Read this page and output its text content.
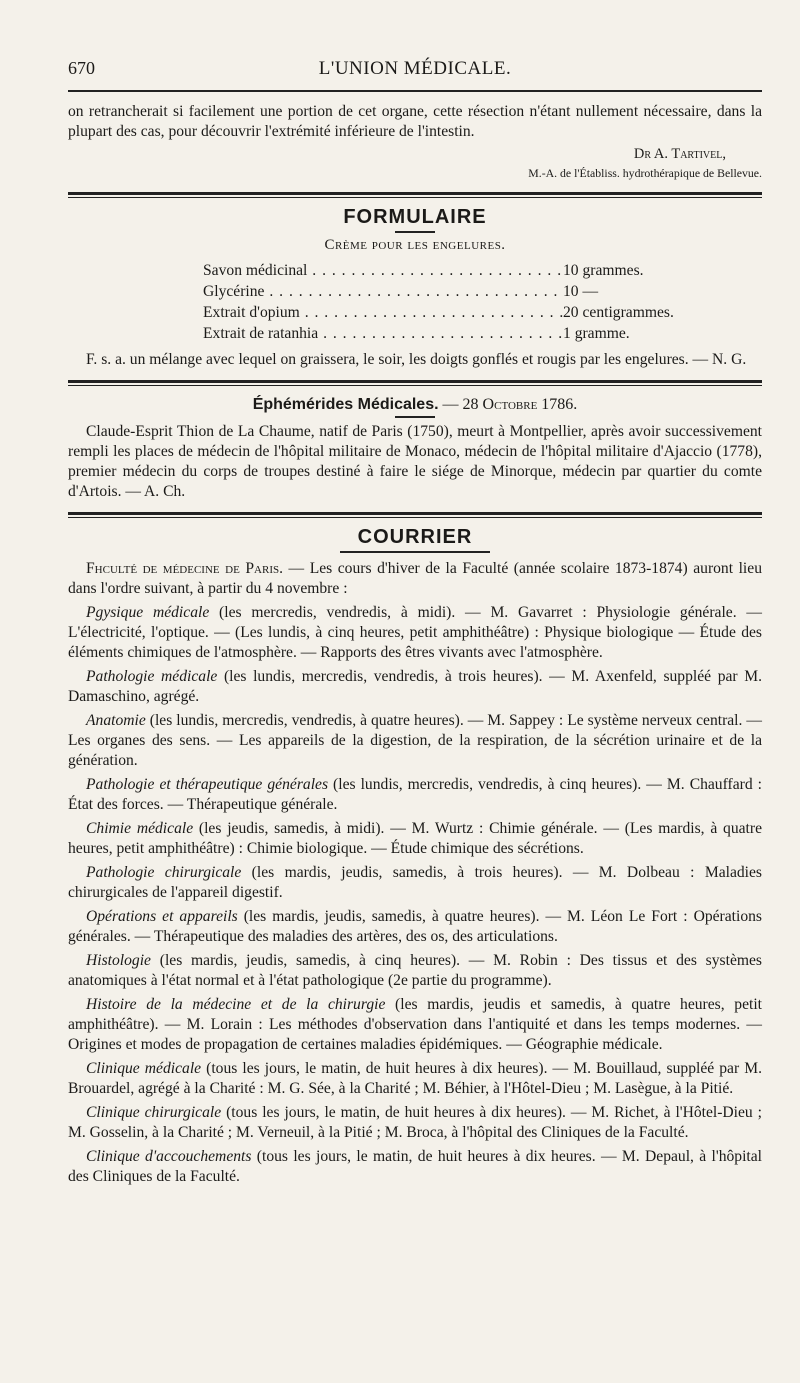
670	L'UNION MÉDICALE.

on retrancherait si facilement une portion de cet organe, cette résection n'étant nullement nécessaire, dans la plupart des cas, pour découvrir l'extrémité inférieure de l'intestin.

Dr A. Tartivel,
M.-A. de l'Établiss. hydrothérapique de Bellevue.
FORMULAIRE
Crème pour les engelures.
Savon médicinal . . .	10 grammes.
Glycérine . . .	10 —
Extrait d'opium . . .	20 centigrammes.
Extrait de ratanhia . . .	1 gramme.

F. s. a. un mélange avec lequel on graissera, le soir, les doigts gonflés et rougis par les engelures. — N. G.

Éphémérides Médicales. — 28 Octobre 1786.

Claude-Esprit Thion de La Chaume, natif de Paris (1750), meurt à Montpellier, après avoir successivement rempli les places de médecin de l'hôpital militaire de Monaco, médecin de l'hôpital militaire d'Ajaccio (1778), premier médecin du corps de troupes destiné à faire le siége de Minorque, médecin par quartier du comte d'Artois. — A. Ch.

COURRIER

Fhculté de médecine de Paris. — Les cours d'hiver de la Faculté (année scolaire 1873-1874) auront lieu dans l'ordre suivant, à partir du 4 novembre :

Pgysique médicale (les mercredis, vendredis, à midi). — M. Gavarret : Physiologie générale. — L'électricité, l'optique. — (Les lundis, à cinq heures, petit amphithéâtre) : Physique biologique — Étude des éléments chimiques de l'atmosphère. — Rapports des êtres vivants avec l'atmosphère.

Pathologie médicale (les lundis, mercredis, vendredis, à trois heures). — M. Axenfeld, suppléé par M. Damaschino, agrégé.

Anatomie (les lundis, mercredis, vendredis, à quatre heures). — M. Sappey : Le système nerveux central. — Les organes des sens. — Les appareils de la digestion, de la respiration, de la sécrétion urinaire et de la génération.

Pathologie et thérapeutique générales (les lundis, mercredis, vendredis, à cinq heures). — M. Chauffard : État des forces. — Thérapeutique générale.

Chimie médicale (les jeudis, samedis, à midi). — M. Wurtz : Chimie générale. — (Les mardis, à quatre heures, petit amphithéâtre) : Chimie biologique. — Étude chimique des sécrétions.

Pathologie chirurgicale (les mardis, jeudis, samedis, à trois heures). — M. Dolbeau : Maladies chirurgicales de l'appareil digestif.

Opérations et appareils (les mardis, jeudis, samedis, à quatre heures). — M. Léon Le Fort : Opérations générales. — Thérapeutique des maladies des artères, des os, des articulations.

Histologie (les mardis, jeudis, samedis, à cinq heures). — M. Robin : Des tissus et des systèmes anatomiques à l'état normal et à l'état pathologique (2e partie du programme).

Histoire de la médecine et de la chirurgie (les mardis, jeudis et samedis, à quatre heures, petit amphithéâtre). — M. Lorain : Les méthodes d'observation dans l'antiquité et dans les temps modernes. — Origines et modes de propagation de certaines maladies épidémiques. — Géographie médicale.

Clinique médicale (tous les jours, le matin, de huit heures à dix heures). — M. Bouillaud, suppléé par M. Brouardel, agrégé à la Charité : M. G. Sée, à la Charité ; M. Béhier, à l'Hôtel-Dieu ; M. Lasègue, à la Pitié.

Clinique chirurgicale (tous les jours, le matin, de huit heures à dix heures). — M. Richet, à l'Hôtel-Dieu ; M. Gosselin, à la Charité ; M. Verneuil, à la Pitié ; M. Broca, à l'hôpital des Cliniques de la Faculté.

Clinique d'accouchements (tous les jours, le matin, de huit heures à dix heures. — M. Depaul, à l'hôpital des Cliniques de la Faculté.
